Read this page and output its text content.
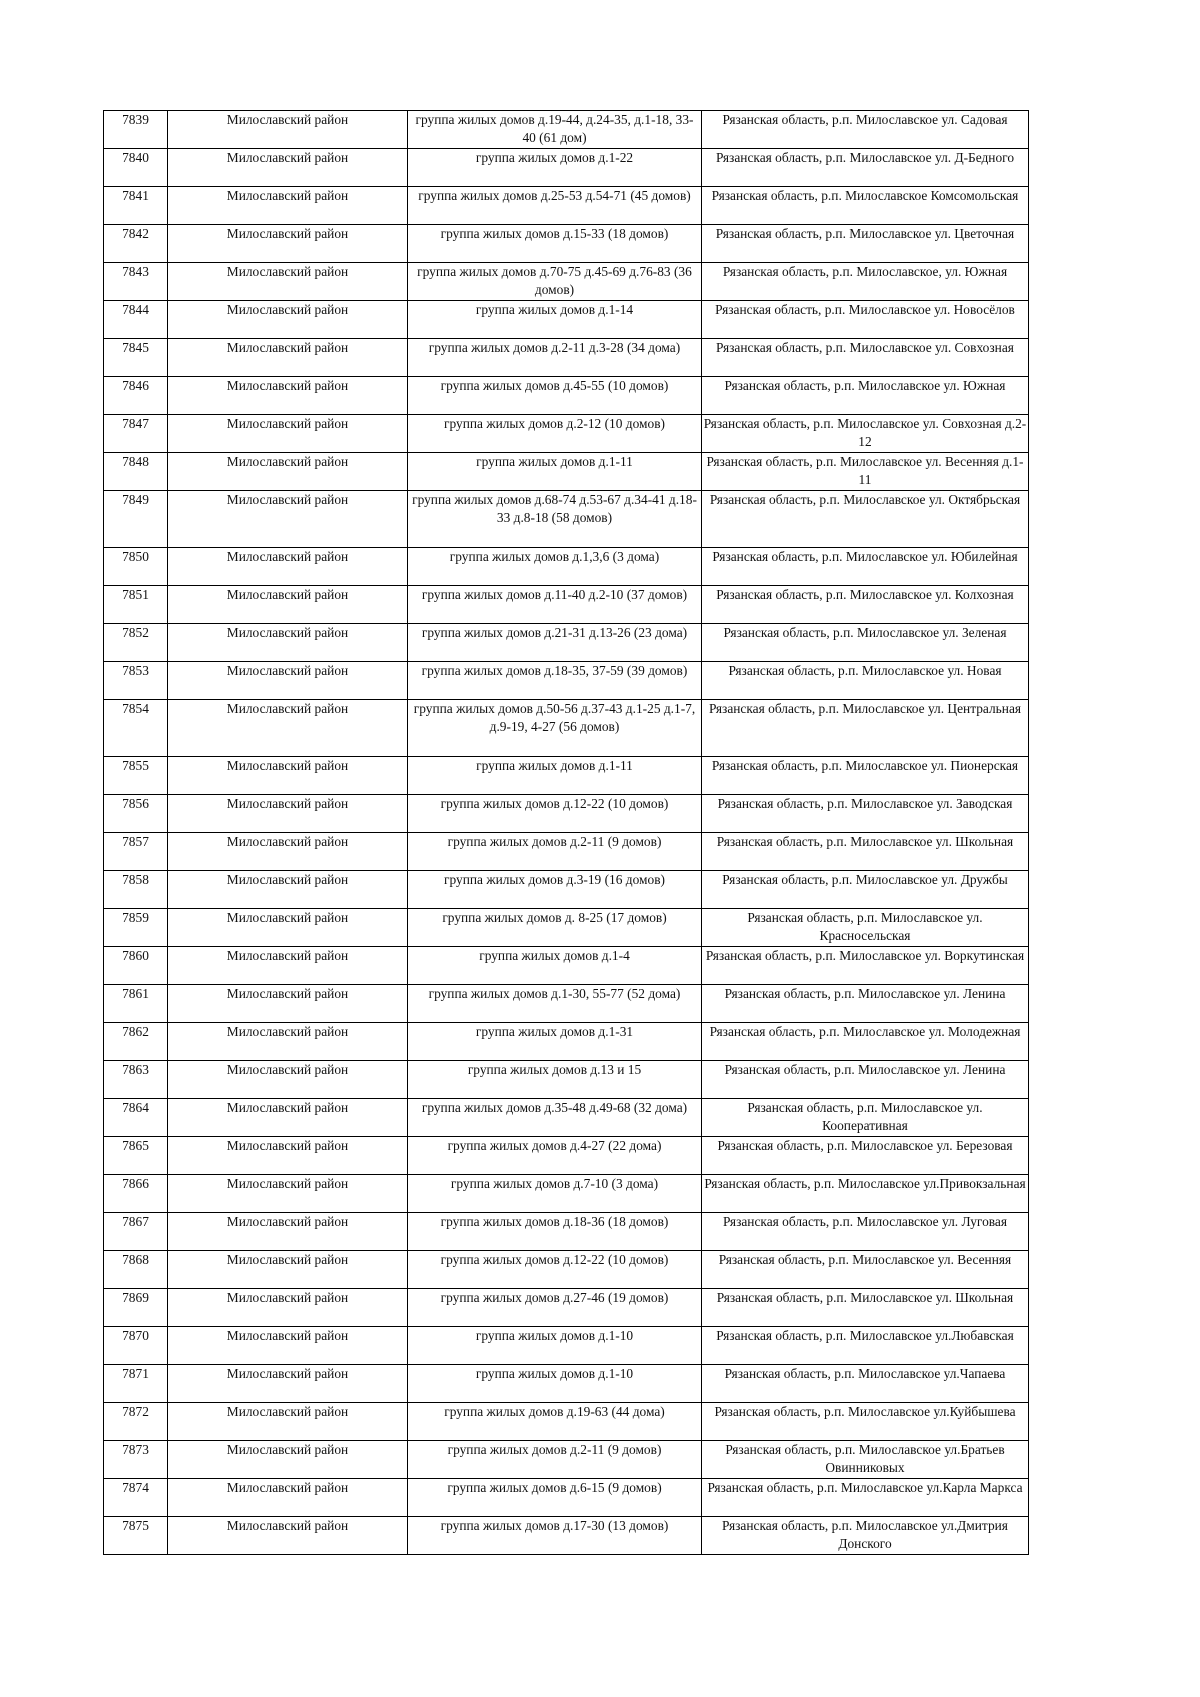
7839	Милославский район	группа жилых домов д.19-44, д.24-35, д.1-18, 33-40 (61 дом)	Рязанская область, р.п. Милославское ул. Садовая
7840	Милославский район	группа жилых домов д.1-22	Рязанская область, р.п. Милославское ул. Д-Бедного
7841	Милославский район	группа жилых домов д.25-53 д.54-71 (45 домов)	Рязанская область, р.п. Милославское Комсомольская
7842	Милославский район	группа жилых домов д.15-33 (18 домов)	Рязанская область, р.п. Милославское ул. Цветочная
7843	Милославский район	группа жилых домов д.70-75 д.45-69 д.76-83 (36 домов)	Рязанская область, р.п. Милославское, ул. Южная
7844	Милославский район	группа жилых домов д.1-14	Рязанская область, р.п. Милославское ул. Новосёлов
7845	Милославский район	группа жилых домов д.2-11 д.3-28 (34 дома)	Рязанская область, р.п. Милославское ул. Совхозная
7846	Милославский район	группа жилых домов д.45-55 (10 домов)	Рязанская область, р.п. Милославское ул. Южная
7847	Милославский район	группа жилых домов д.2-12 (10 домов)	Рязанская область, р.п. Милославское ул. Совхозная д.2-12
7848	Милославский район	группа жилых домов д.1-11	Рязанская область, р.п. Милославское ул. Весенняя д.1-11
7849	Милославский район	группа жилых домов д.68-74 д.53-67 д.34-41 д.18-33 д.8-18 (58 домов)	Рязанская область, р.п. Милославское ул. Октябрьская
7850	Милославский район	группа жилых домов д.1,3,6 (3 дома)	Рязанская область, р.п. Милославское ул. Юбилейная
7851	Милославский район	группа жилых домов д.11-40 д.2-10 (37 домов)	Рязанская область, р.п. Милославское ул. Колхозная
7852	Милославский район	группа жилых домов д.21-31 д.13-26 (23 дома)	Рязанская область, р.п. Милославское ул. Зеленая
7853	Милославский район	группа жилых домов д.18-35, 37-59 (39 домов)	Рязанская область, р.п. Милославское ул. Новая
7854	Милославский район	группа жилых домов д.50-56 д.37-43 д.1-25 д.1-7, д.9-19, 4-27 (56 домов)	Рязанская область, р.п. Милославское ул. Центральная
7855	Милославский район	группа жилых домов д.1-11	Рязанская область, р.п. Милославское ул. Пионерская
7856	Милославский район	группа жилых домов д.12-22 (10 домов)	Рязанская область, р.п. Милославское ул. Заводская
7857	Милославский район	группа жилых домов д.2-11 (9 домов)	Рязанская область, р.п. Милославское ул. Школьная
7858	Милославский район	группа жилых домов д.3-19 (16 домов)	Рязанская область, р.п. Милославское ул. Дружбы
7859	Милославский район	группа жилых домов д. 8-25 (17 домов)	Рязанская область, р.п. Милославское ул. Красносельская
7860	Милославский район	группа жилых домов д.1-4	Рязанская область, р.п. Милославское ул. Воркутинская
7861	Милославский район	группа жилых домов д.1-30, 55-77 (52 дома)	Рязанская область, р.п. Милославское ул. Ленина
7862	Милославский район	группа жилых домов д.1-31	Рязанская область, р.п. Милославское ул. Молодежная
7863	Милославский район	группа жилых домов д.13 и 15	Рязанская область, р.п. Милославское ул. Ленина
7864	Милославский район	группа жилых домов д.35-48 д.49-68 (32 дома)	Рязанская область, р.п. Милославское ул. Кооперативная
7865	Милославский район	группа жилых домов д.4-27 (22 дома)	Рязанская область, р.п. Милославское ул. Березовая
7866	Милославский район	группа жилых домов д.7-10 (3 дома)	Рязанская область, р.п. Милославское ул.Привокзальная
7867	Милославский район	группа жилых домов д.18-36 (18 домов)	Рязанская область, р.п. Милославское ул. Луговая
7868	Милославский район	группа жилых домов д.12-22 (10 домов)	Рязанская область, р.п. Милославское ул. Весенняя
7869	Милославский район	группа жилых домов д.27-46 (19 домов)	Рязанская область, р.п. Милославское ул. Школьная
7870	Милославский район	группа жилых домов д.1-10	Рязанская область, р.п. Милославское ул.Любавская
7871	Милославский район	группа жилых домов д.1-10	Рязанская область, р.п. Милославское ул.Чапаева
7872	Милославский район	группа жилых домов д.19-63 (44 дома)	Рязанская область, р.п. Милославское ул.Куйбышева
7873	Милославский район	группа жилых домов д.2-11 (9 домов)	Рязанская область, р.п. Милославское ул.Братьев Овинниковых
7874	Милославский район	группа жилых домов д.6-15 (9 домов)	Рязанская область, р.п. Милославское ул.Карла Маркса
7875	Милославский район	группа жилых домов д.17-30 (13 домов)	Рязанская область, р.п. Милославское ул.Дмитрия Донского
